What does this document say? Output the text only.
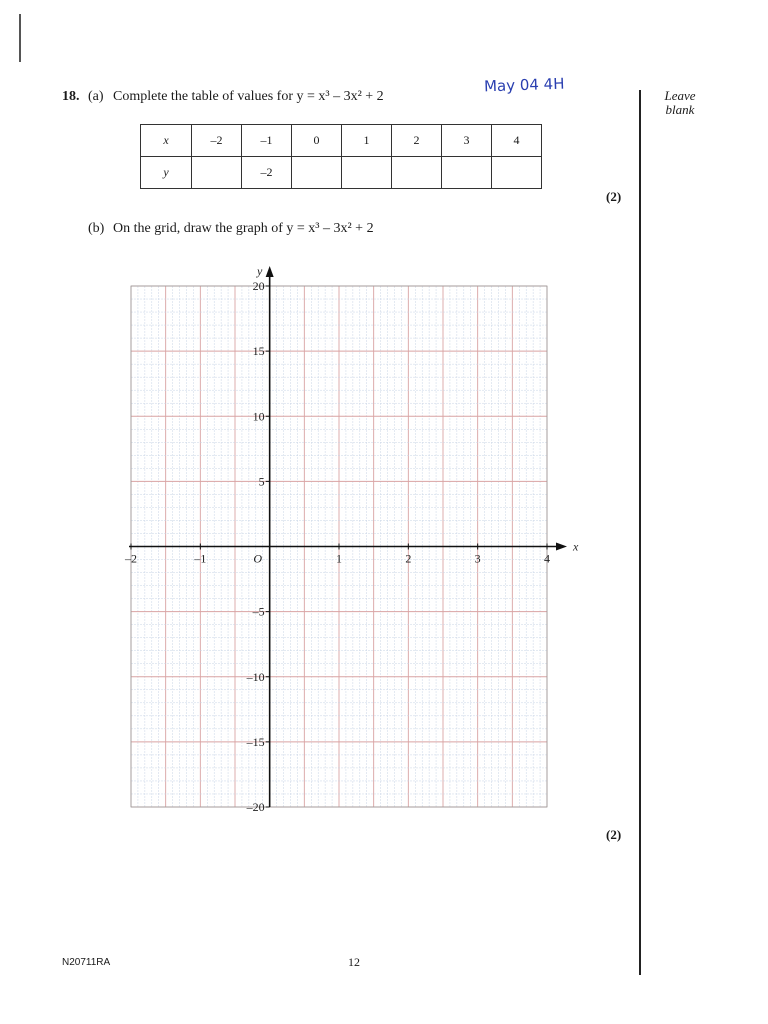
18. (a) Complete the table of values for y = x³ – 3x² + 2
May 04 4H
Leave blank
x	–2	–1	0	1	2	3	4
y		–2					
(2)
(b) On the grid, draw the graph of y = x³ – 3x² + 2
x
y
O
–2	–1	1	2	3	4
20
15
10
5
–5
–10
–15
–20
(2)
N20711RA	12
